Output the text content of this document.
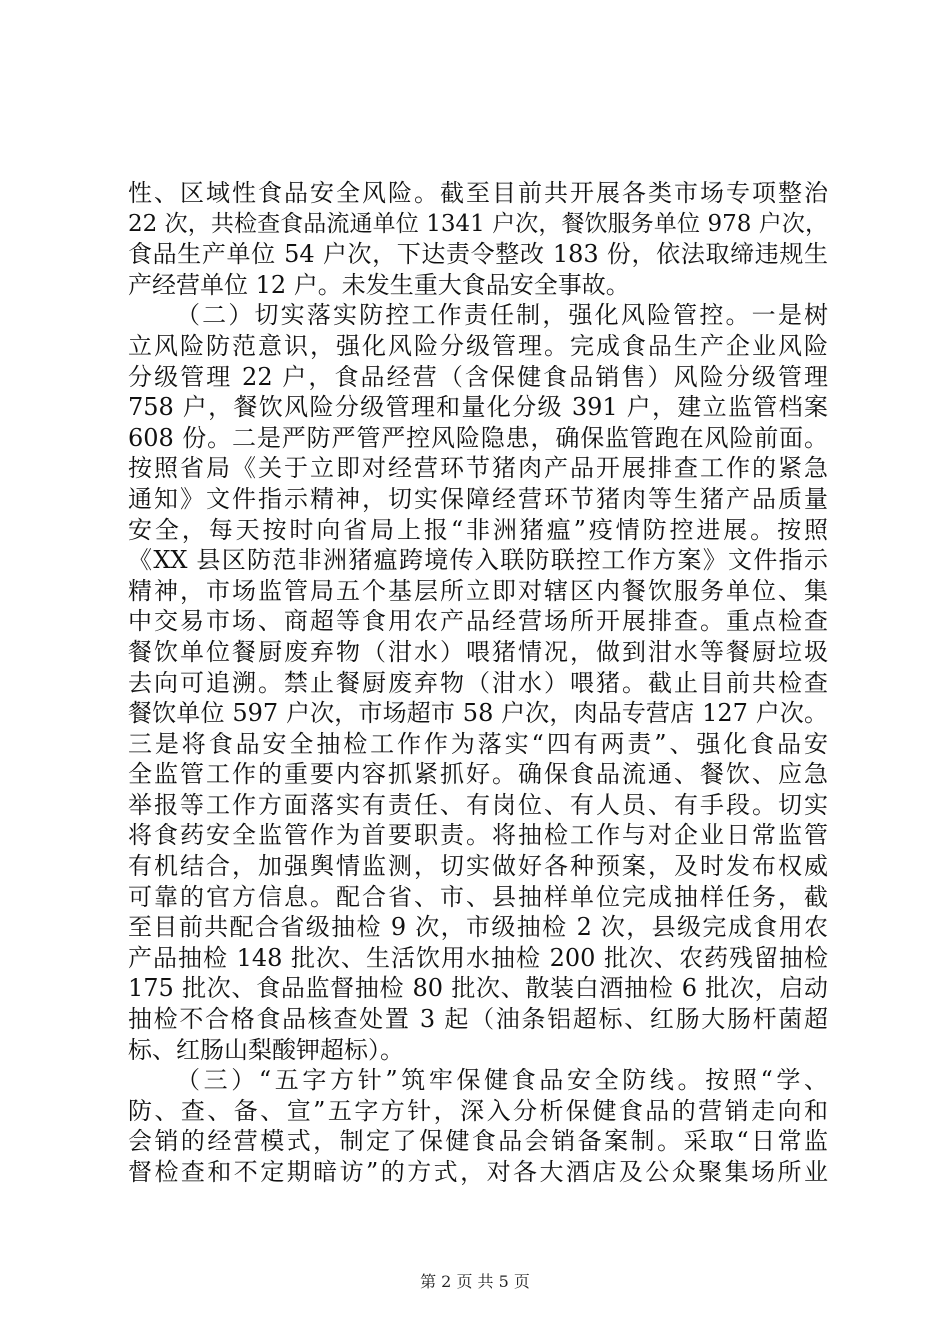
性、区域性食品安全风险。截至目前共开展各类市场专项整治
22 次，共检查食品流通单位 1341 户次，餐饮服务单位 978 户次，
食品生产单位 54 户次，下达责令整改 183 份，依法取缔违规生
产经营单位 12 户。未发生重大食品安全事故。
（二）切实落实防控工作责任制，强化风险管控。一是树
立风险防范意识，强化风险分级管理。完成食品生产企业风险
分级管理 22 户，食品经营（含保健食品销售）风险分级管理
758 户，餐饮风险分级管理和量化分级 391 户，建立监管档案
608 份。二是严防严管严控风险隐患，确保监管跑在风险前面。
按照省局《关于立即对经营环节猪肉产品开展排查工作的紧急
通知》文件指示精神，切实保障经营环节猪肉等生猪产品质量
安全，每天按时向省局上报“非洲猪瘟”疫情防控进展。按照
《XX 县区防范非洲猪瘟跨境传入联防联控工作方案》文件指示
精神，市场监管局五个基层所立即对辖区内餐饮服务单位、集
中交易市场、商超等食用农产品经营场所开展排查。重点检查
餐饮单位餐厨废弃物（泔水）喂猪情况，做到泔水等餐厨垃圾
去向可追溯。禁止餐厨废弃物（泔水）喂猪。截止目前共检查
餐饮单位 597 户次，市场超市 58 户次，肉品专营店 127 户次。
三是将食品安全抽检工作作为落实“四有两责”、强化食品安
全监管工作的重要内容抓紧抓好。确保食品流通、餐饮、应急
举报等工作方面落实有责任、有岗位、有人员、有手段。切实
将食药安全监管作为首要职责。将抽检工作与对企业日常监管
有机结合，加强舆情监测，切实做好各种预案，及时发布权威
可靠的官方信息。配合省、市、县抽样单位完成抽样任务，截
至目前共配合省级抽检 9 次，市级抽检 2 次，县级完成食用农
产品抽检 148 批次、生活饮用水抽检 200 批次、农药残留抽检
175 批次、食品监督抽检 80 批次、散装白酒抽检 6 批次，启动
抽检不合格食品核查处置 3 起（油条铝超标、红肠大肠杆菌超
标、红肠山梨酸钾超标）。
（三）“五字方针”筑牢保健食品安全防线。按照“学、
防、查、备、宣”五字方针，深入分析保健食品的营销走向和
会销的经营模式，制定了保健食品会销备案制。采取“日常监
督检查和不定期暗访”的方式，对各大酒店及公众聚集场所业
第 2 页 共 5 页
